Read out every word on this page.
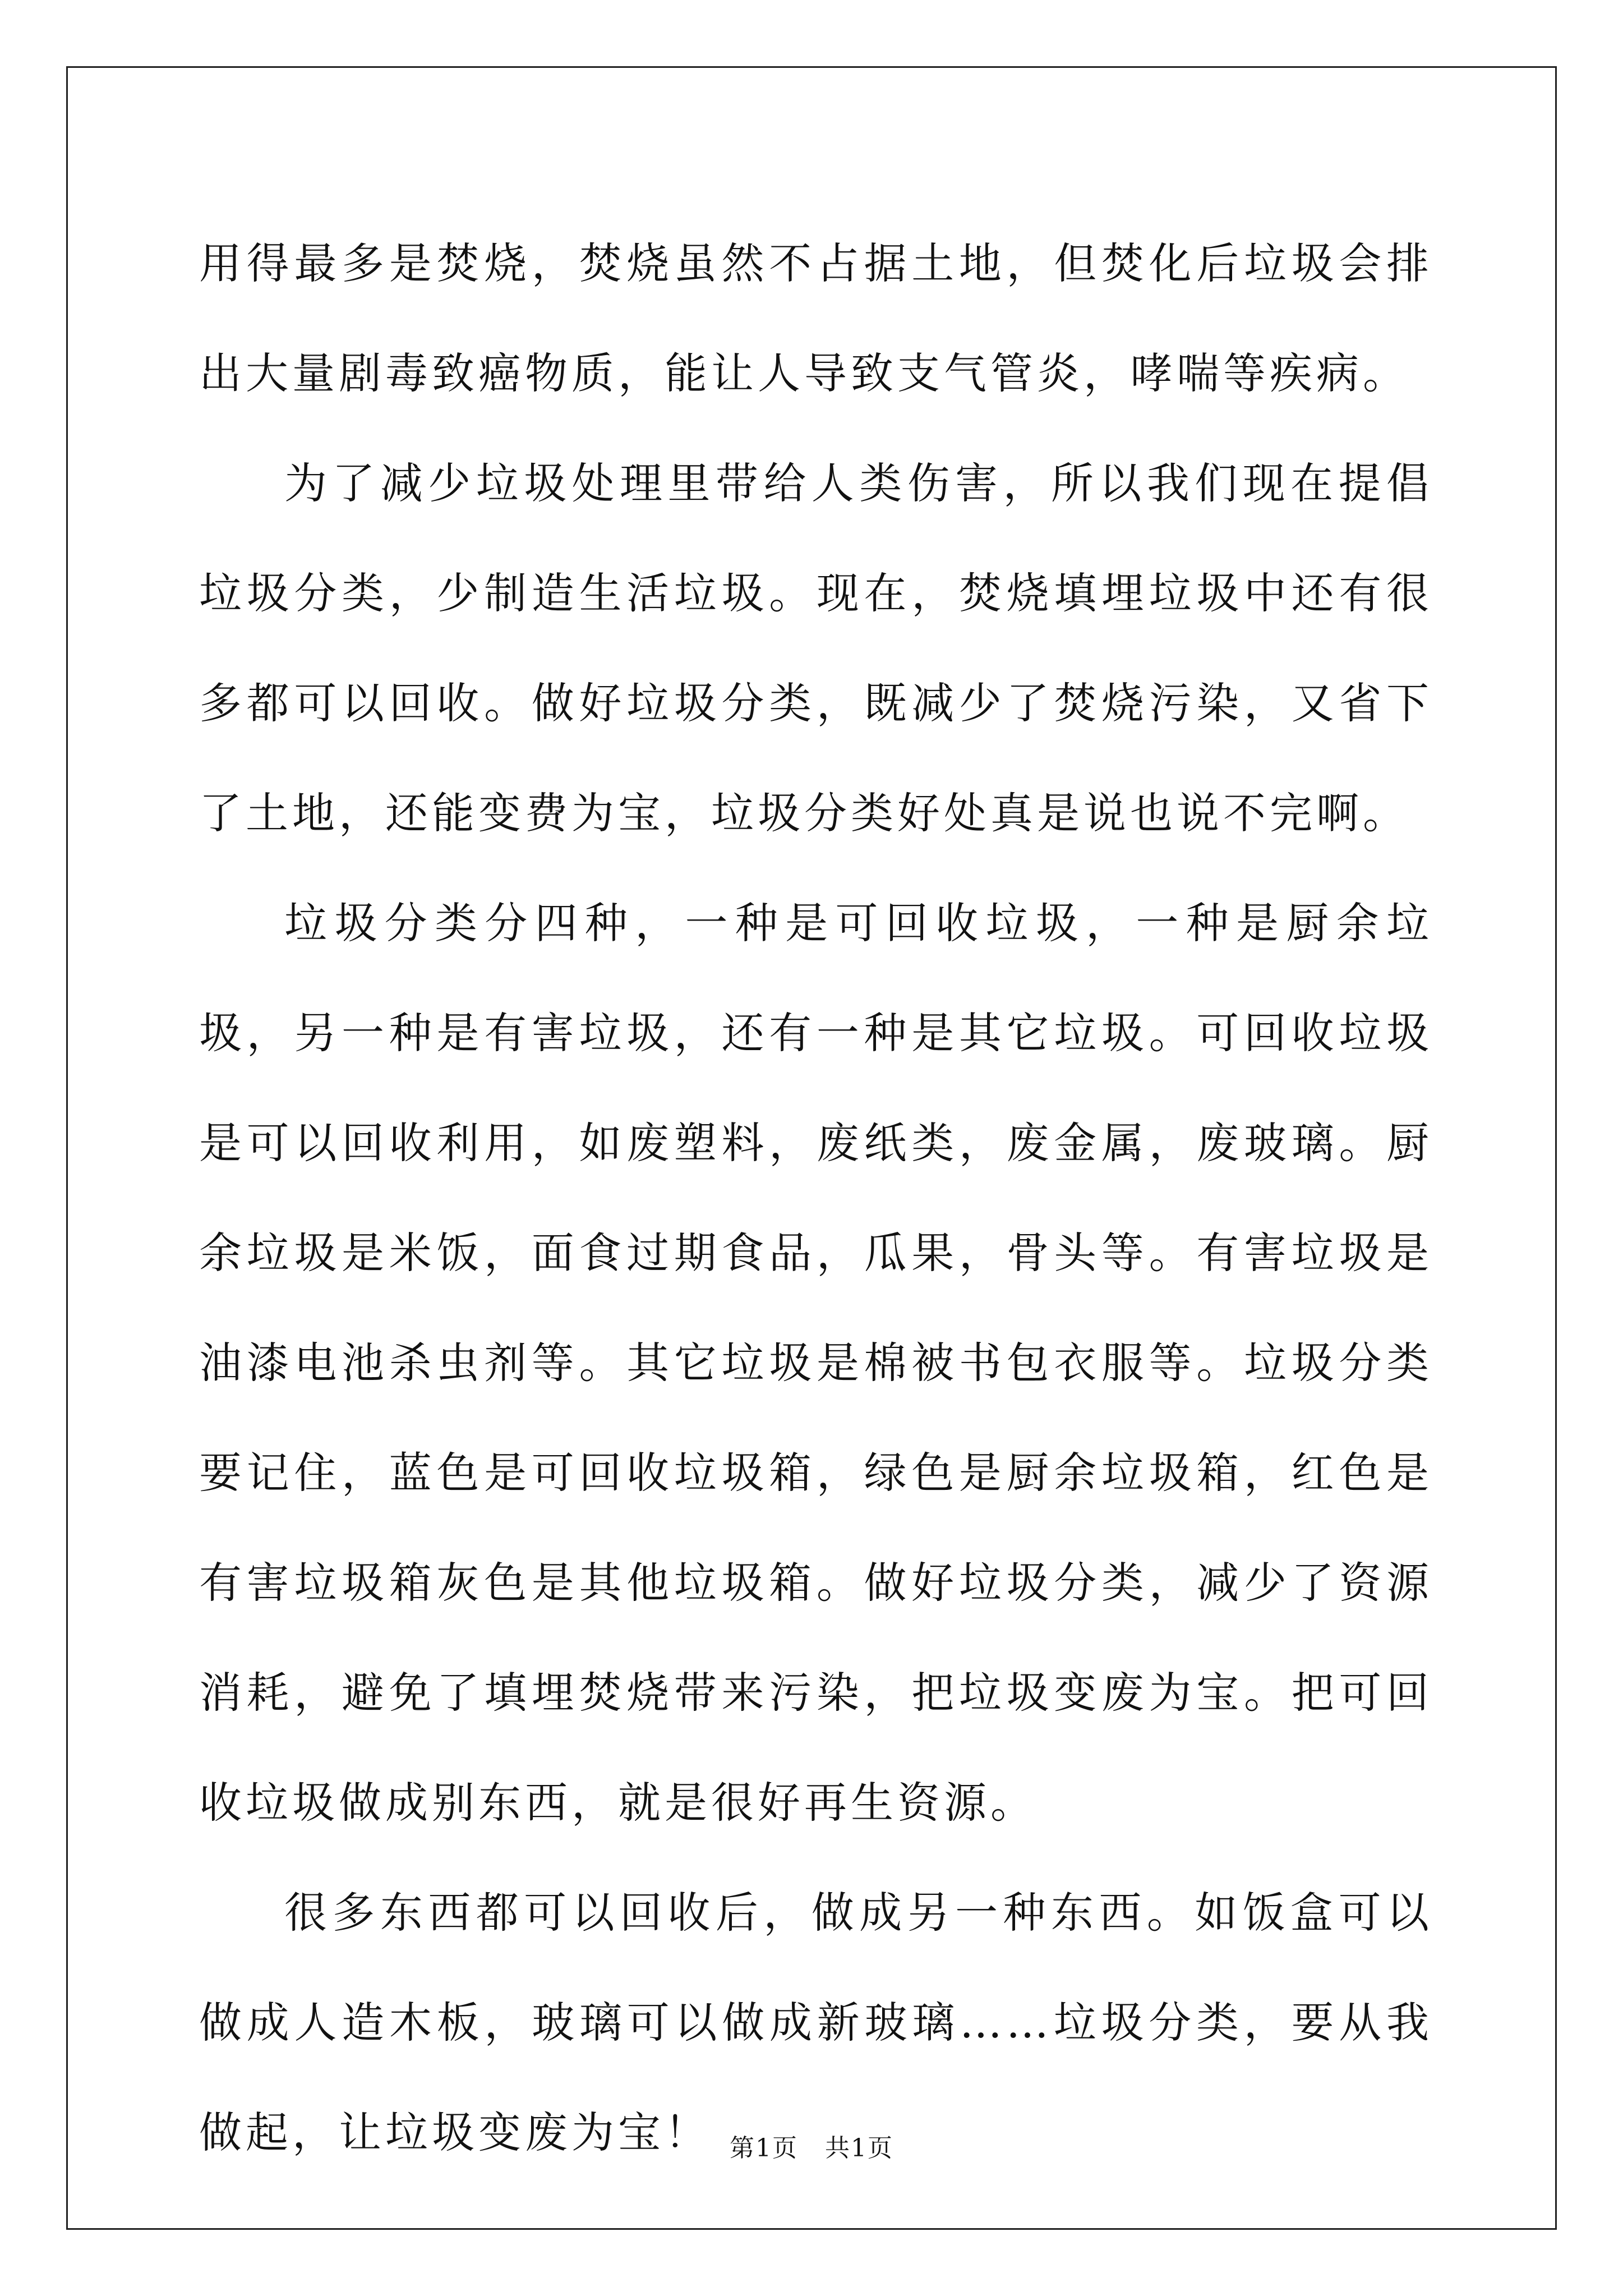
用得最多是焚烧，焚烧虽然不占据土地，但焚化后垃圾会排出大量剧毒致癌物质，能让人导致支气管炎，哮喘等疾病。

为了减少垃圾处理里带给人类伤害，所以我们现在提倡垃圾分类，少制造生活垃圾。现在，焚烧填埋垃圾中还有很多都可以回收。做好垃圾分类，既减少了焚烧污染，又省下了土地，还能变费为宝，垃圾分类好处真是说也说不完啊。

垃圾分类分四种，一种是可回收垃圾，一种是厨余垃圾，另一种是有害垃圾，还有一种是其它垃圾。可回收垃圾是可以回收利用，如废塑料，废纸类，废金属，废玻璃。厨余垃圾是米饭，面食过期食品，瓜果，骨头等。有害垃圾是油漆电池杀虫剂等。其它垃圾是棉被书包衣服等。垃圾分类要记住，蓝色是可回收垃圾箱，绿色是厨余垃圾箱，红色是有害垃圾箱灰色是其他垃圾箱。做好垃圾分类，减少了资源消耗，避免了填埋焚烧带来污染，把垃圾变废为宝。把可回收垃圾做成别东西，就是很好再生资源。

很多东西都可以回收后，做成另一种东西。如饭盒可以做成人造木板，玻璃可以做成新玻璃……垃圾分类，要从我做起，让垃圾变废为宝！ 第1页   共1页
